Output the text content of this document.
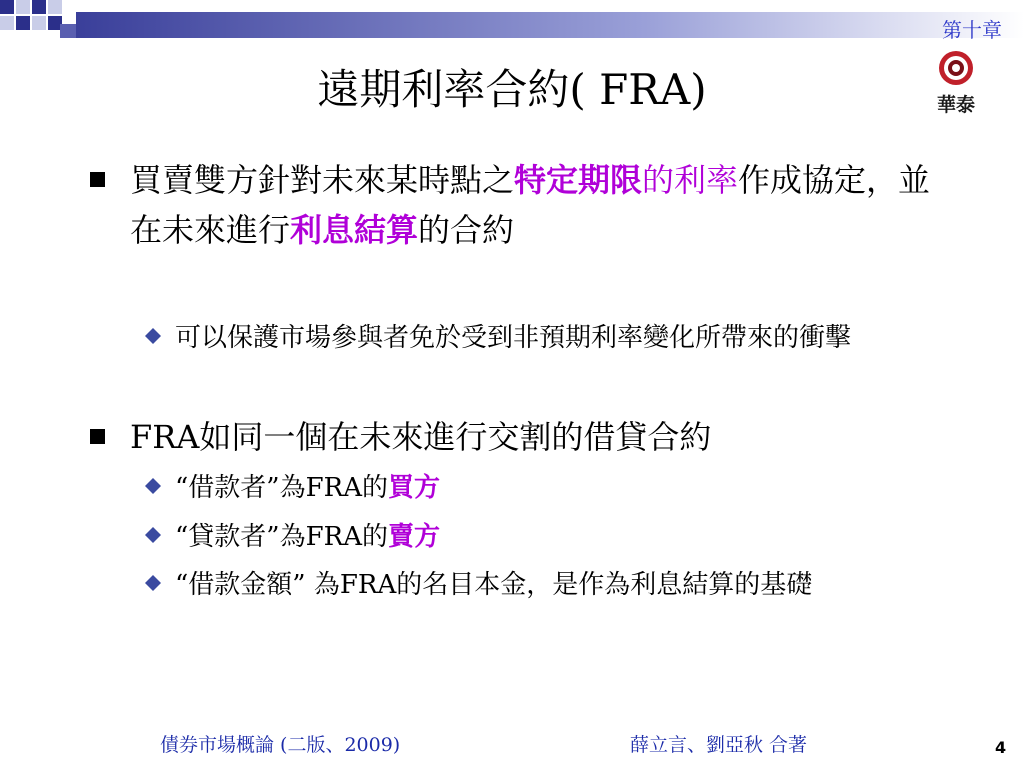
第十章
華泰
遠期利率合約( FRA)
買賣雙方針對未來某時點之特定期限的利率作成協定，並在未來進行利息結算的合約
可以保護市場參與者免於受到非預期利率變化所帶來的衝擊
FRA如同一個在未來進行交割的借貸合約
“借款者”為FRA的買方
“貸款者”為FRA的賣方
“借款金額” 為FRA的名目本金，是作為利息結算的基礎
債券市場概論 (二版、2009)	薛立言、劉亞秋 合著	4
